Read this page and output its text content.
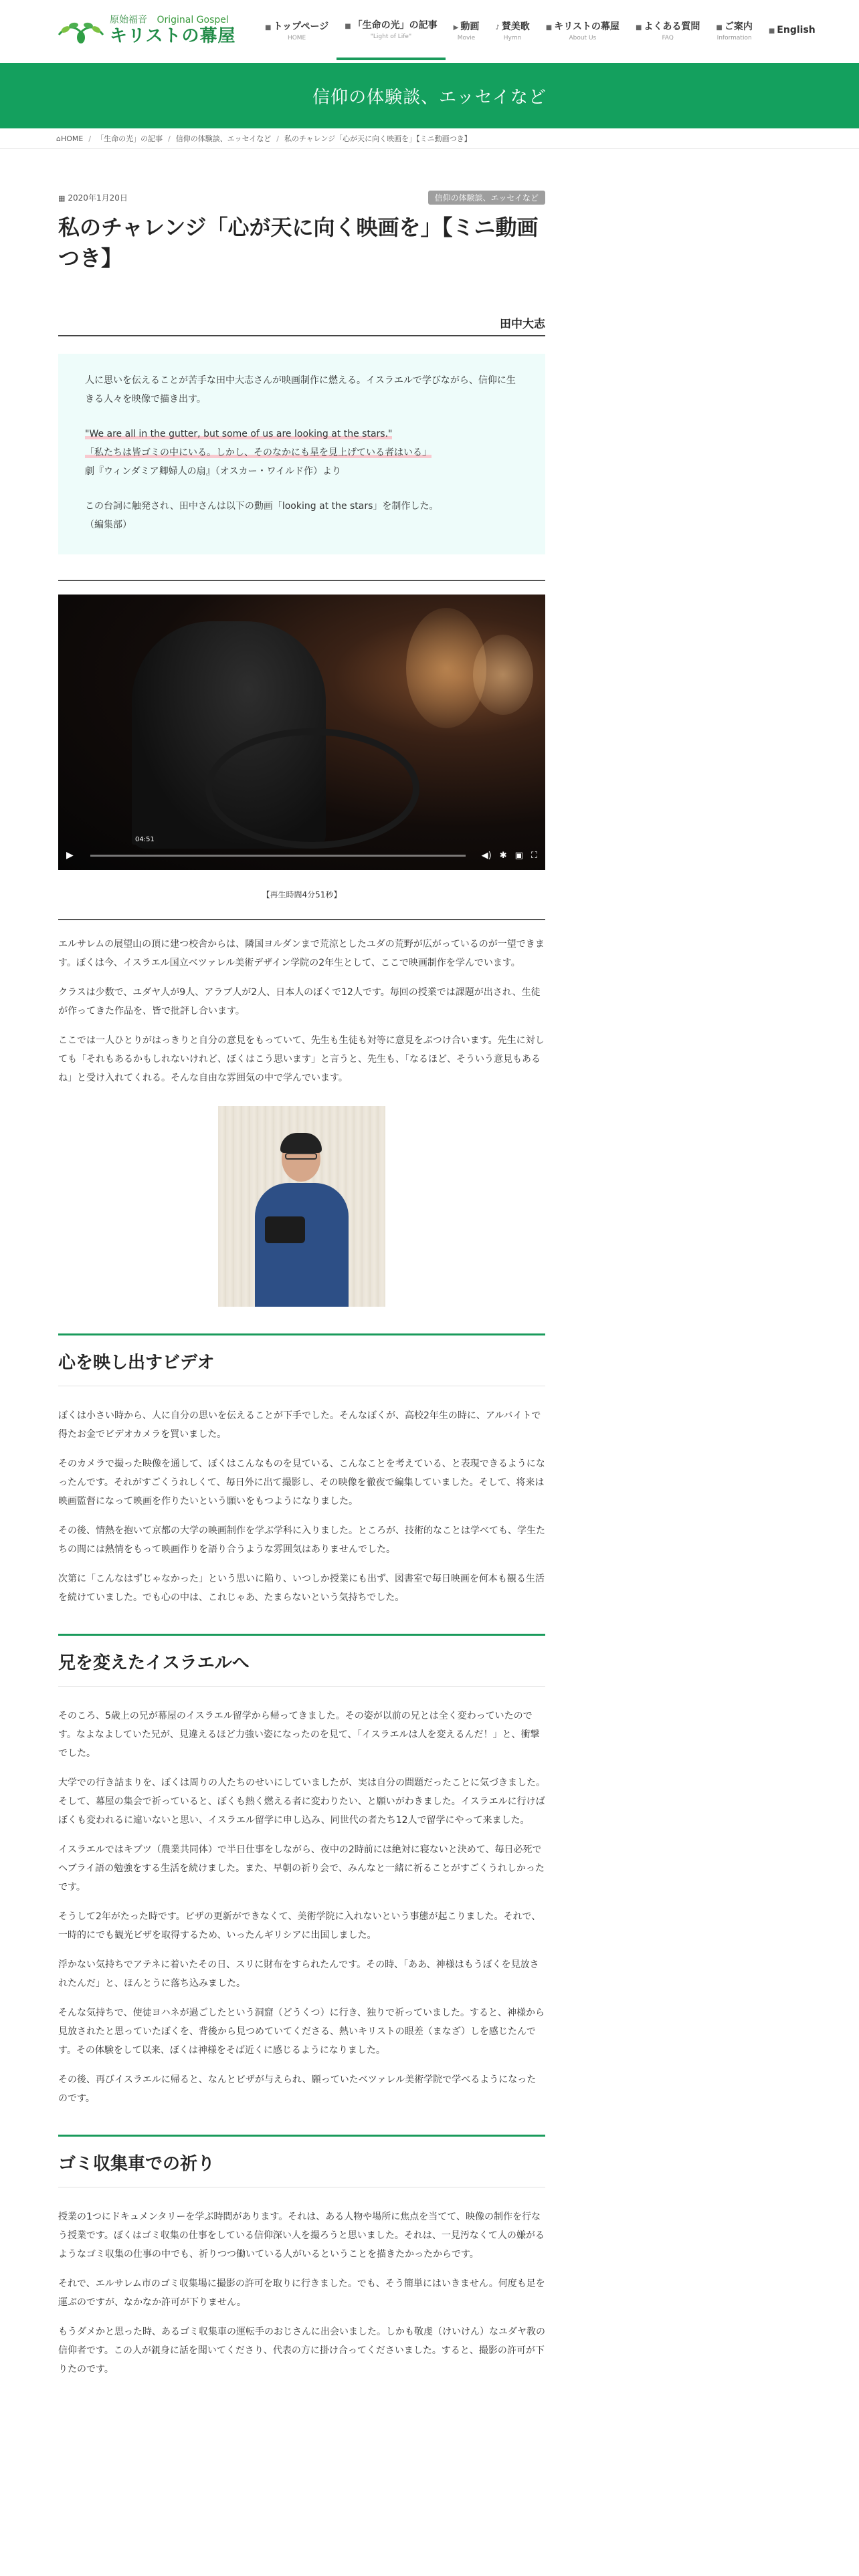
原始福音 Original Gospel
キリストの幕屋	■ トップページ
HOME
■ 「生命の光」の記事
"Light of Life"
▶ 動画
Movie
♪ 賛美歌
Hymn
■ キリストの幕屋
About Us
■ よくある質問
FAQ
■ ご案内
Information
■ English
信仰の体験談、エッセイなど
⌂ HOME / 「生命の光」の記事 / 信仰の体験談、エッセイなど / 私のチャレンジ「心が天に向く映画を」【ミニ動画つき】
▦ 2020年1月20日	信仰の体験談、エッセイなど
私のチャレンジ「心が天に向く映画を」【ミニ動画つき】
田中大志

人に思いを伝えることが苦手な田中大志さんが映画制作に燃える。イスラエルで学びながら、信仰に生きる人々を映像で描き出す。

"We are all in the gutter, but some of us are looking at the stars."

「私たちは皆ゴミの中にいる。しかし、そのなかにも星を見上げている者はいる」

劇『ウィンダミア卿婦人の扇』（オスカー・ワイルド作）より

この台詞に触発され、田中さんは以下の動画「looking at the stars」を制作した。

（編集部）

▶
04:51
◀) ✱ ▣ ⛶
【再生時間4分51秒】

エルサレムの展望山の頂に建つ校舎からは、隣国ヨルダンまで荒涼としたユダの荒野が広がっているのが一望できます。ぼくは今、イスラエル国立ベツァレル美術デザイン学院の2年生として、ここで映画制作を学んでいます。

クラスは少数で、ユダヤ人が9人、アラブ人が2人、日本人のぼくで12人です。毎回の授業では課題が出され、生徒が作ってきた作品を、皆で批評し合います。

ここでは一人ひとりがはっきりと自分の意見をもっていて、先生も生徒も対等に意見をぶつけ合います。先生に対しても「それもあるかもしれないけれど、ぼくはこう思います」と言うと、先生も、「なるほど、そういう意見もあるね」と受け入れてくれる。そんな自由な雰囲気の中で学んでいます。

心を映し出すビデオ

ぼくは小さい時から、人に自分の思いを伝えることが下手でした。そんなぼくが、高校2年生の時に、アルバイトで得たお金でビデオカメラを買いました。

そのカメラで撮った映像を通して、ぼくはこんなものを見ている、こんなことを考えている、と表現できるようになったんです。それがすごくうれしくて、毎日外に出て撮影し、その映像を徹夜で編集していました。そして、将来は映画監督になって映画を作りたいという願いをもつようになりました。

その後、情熱を抱いて京都の大学の映画制作を学ぶ学科に入りました。ところが、技術的なことは学べても、学生たちの間には熱情をもって映画作りを語り合うような雰囲気はありませんでした。

次第に「こんなはずじゃなかった」という思いに陥り、いつしか授業にも出ず、図書室で毎日映画を何本も観る生活を続けていました。でも心の中は、これじゃあ、たまらないという気持ちでした。

兄を変えたイスラエルへ

そのころ、5歳上の兄が幕屋のイスラエル留学から帰ってきました。その姿が以前の兄とは全く変わっていたのです。なよなよしていた兄が、見違えるほど力強い姿になったのを見て、「イスラエルは人を変えるんだ！」と、衝撃でした。

大学での行き詰まりを、ぼくは周りの人たちのせいにしていましたが、実は自分の問題だったことに気づきました。そして、幕屋の集会で祈っていると、ぼくも熱く燃える者に変わりたい、と願いがわきました。イスラエルに行けばぼくも変われるに違いないと思い、イスラエル留学に申し込み、同世代の者たち12人で留学にやって来ました。

イスラエルではキブツ（農業共同体）で半日仕事をしながら、夜中の2時前には絶対に寝ないと決めて、毎日必死でヘブライ語の勉強をする生活を続けました。また、早朝の祈り会で、みんなと一緒に祈ることがすごくうれしかったです。

そうして2年がたった時です。ビザの更新ができなくて、美術学院に入れないという事態が起こりました。それで、一時的にでも観光ビザを取得するため、いったんギリシアに出国しました。

浮かない気持ちでアテネに着いたその日、スリに財布をすられたんです。その時、「ああ、神様はもうぼくを見放されたんだ」と、ほんとうに落ち込みました。

そんな気持ちで、使徒ヨハネが過ごしたという洞窟（どうくつ）に行き、独りで祈っていました。すると、神様から見放されたと思っていたぼくを、背後から見つめていてくださる、熱いキリストの眼差（まなざ）しを感じたんです。その体験をして以来、ぼくは神様をそば近くに感じるようになりました。

その後、再びイスラエルに帰ると、なんとビザが与えられ、願っていたベツァレル美術学院で学べるようになったのです。

ゴミ収集車での祈り

授業の1つにドキュメンタリーを学ぶ時間があります。それは、ある人物や場所に焦点を当てて、映像の制作を行なう授業です。ぼくはゴミ収集の仕事をしている信仰深い人を撮ろうと思いました。それは、一見汚なくて人の嫌がるようなゴミ収集の仕事の中でも、祈りつつ働いている人がいるということを描きたかったからです。

それで、エルサレム市のゴミ収集場に撮影の許可を取りに行きました。でも、そう簡単にはいきません。何度も足を運ぶのですが、なかなか許可が下りません。

もうダメかと思った時、あるゴミ収集車の運転手のおじさんに出会いました。しかも敬虔（けいけん）なユダヤ教の信仰者です。この人が親身に話を聞いてくださり、代表の方に掛け合ってくださいました。すると、撮影の許可が下りたのです。
